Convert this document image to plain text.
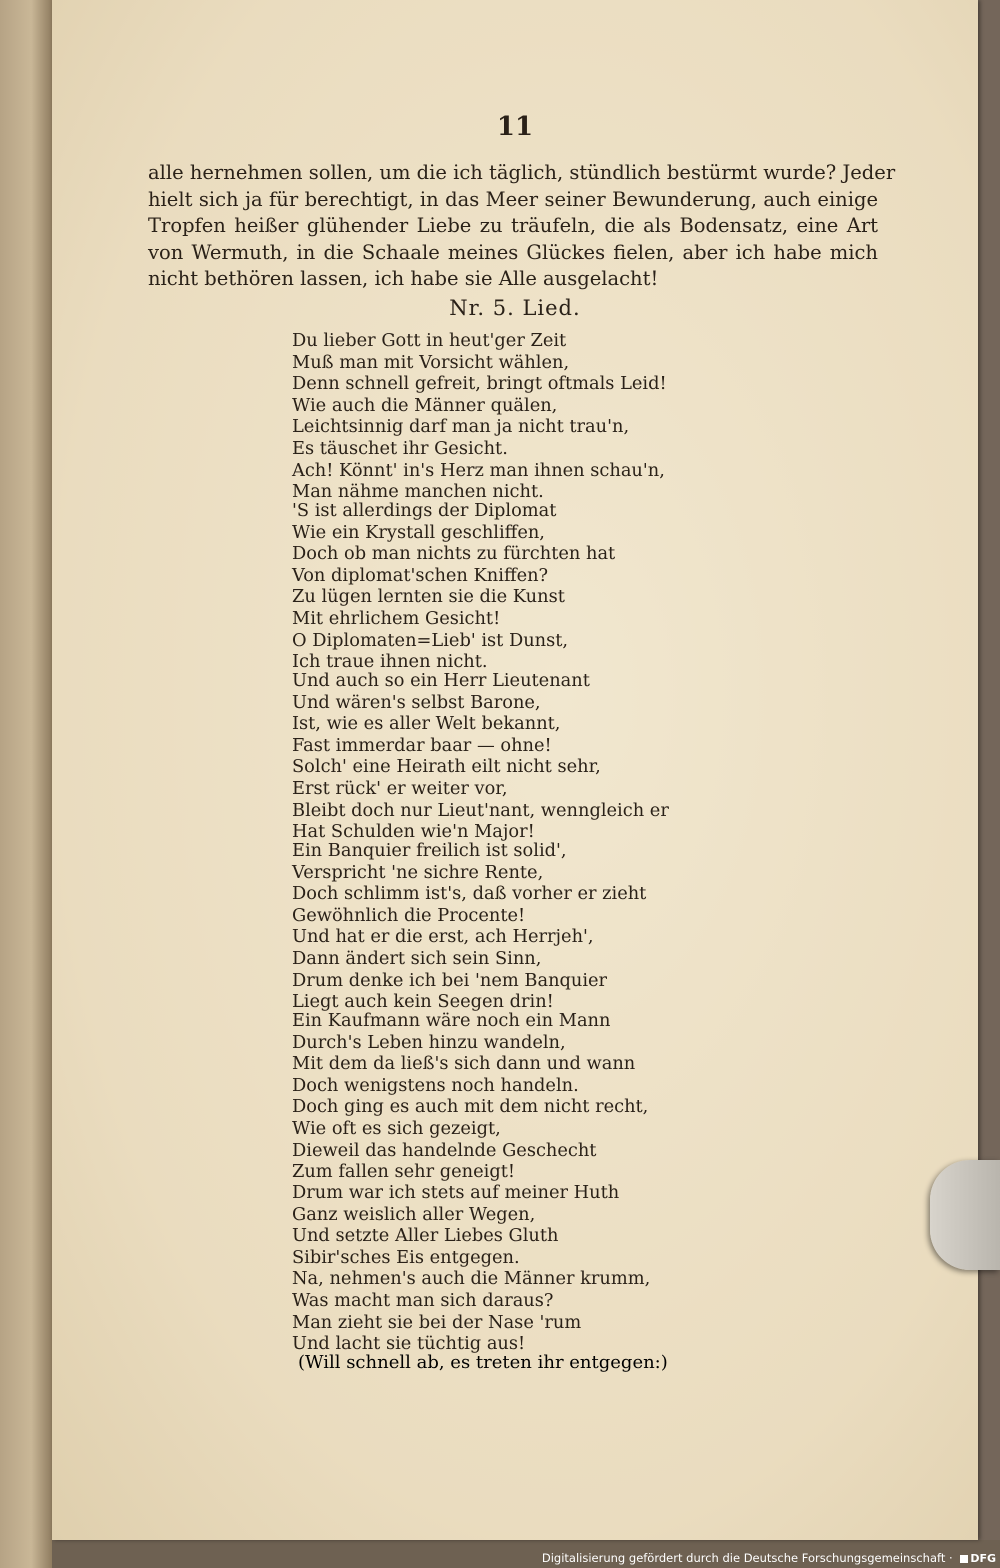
11
alle hernehmen sollen, um die ich täglich, stündlich bestürmt wurde? Jeder
hielt sich ja für berechtigt, in das Meer seiner Bewunderung, auch einige
Tropfen heißer glühender Liebe zu träufeln, die als Bodensatz, eine Art
von Wermuth, in die Schaale meines Glückes fielen, aber ich habe mich
nicht bethören lassen, ich habe sie Alle ausgelacht!
Nr. 5. Lied.
Du lieber Gott in heut'ger Zeit
Muß man mit Vorsicht wählen,
Denn schnell gefreit, bringt oftmals Leid!
Wie auch die Männer quälen,
Leichtsinnig darf man ja nicht trau'n,
Es täuschet ihr Gesicht.
Ach! Könnt' in's Herz man ihnen schau'n,
Man nähme manchen nicht.
'S ist allerdings der Diplomat
Wie ein Krystall geschliffen,
Doch ob man nichts zu fürchten hat
Von diplomat'schen Kniffen?
Zu lügen lernten sie die Kunst
Mit ehrlichem Gesicht!
O Diplomaten=Lieb' ist Dunst,
Ich traue ihnen nicht.
Und auch so ein Herr Lieutenant
Und wären's selbst Barone,
Ist, wie es aller Welt bekannt,
Fast immerdar baar — ohne!
Solch' eine Heirath eilt nicht sehr,
Erst rück' er weiter vor,
Bleibt doch nur Lieut'nant, wenngleich er
Hat Schulden wie'n Major!
Ein Banquier freilich ist solid',
Verspricht 'ne sichre Rente,
Doch schlimm ist's, daß vorher er zieht
Gewöhnlich die Procente!
Und hat er die erst, ach Herrjeh',
Dann ändert sich sein Sinn,
Drum denke ich bei 'nem Banquier
Liegt auch kein Seegen drin!
Ein Kaufmann wäre noch ein Mann
Durch's Leben hinzu wandeln,
Mit dem da ließ's sich dann und wann
Doch wenigstens noch handeln.
Doch ging es auch mit dem nicht recht,
Wie oft es sich gezeigt,
Dieweil das handelnde Geschecht
Zum fallen sehr geneigt!
Drum war ich stets auf meiner Huth
Ganz weislich aller Wegen,
Und setzte Aller Liebes Gluth
Sibir'sches Eis entgegen.
Na, nehmen's auch die Männer krumm,
Was macht man sich daraus?
Man zieht sie bei der Nase 'rum
Und lacht sie tüchtig aus!
(Will schnell ab, es treten ihr entgegen:)
Digitalisierung gefördert durch die Deutsche Forschungsgemeinschaft · DFG
